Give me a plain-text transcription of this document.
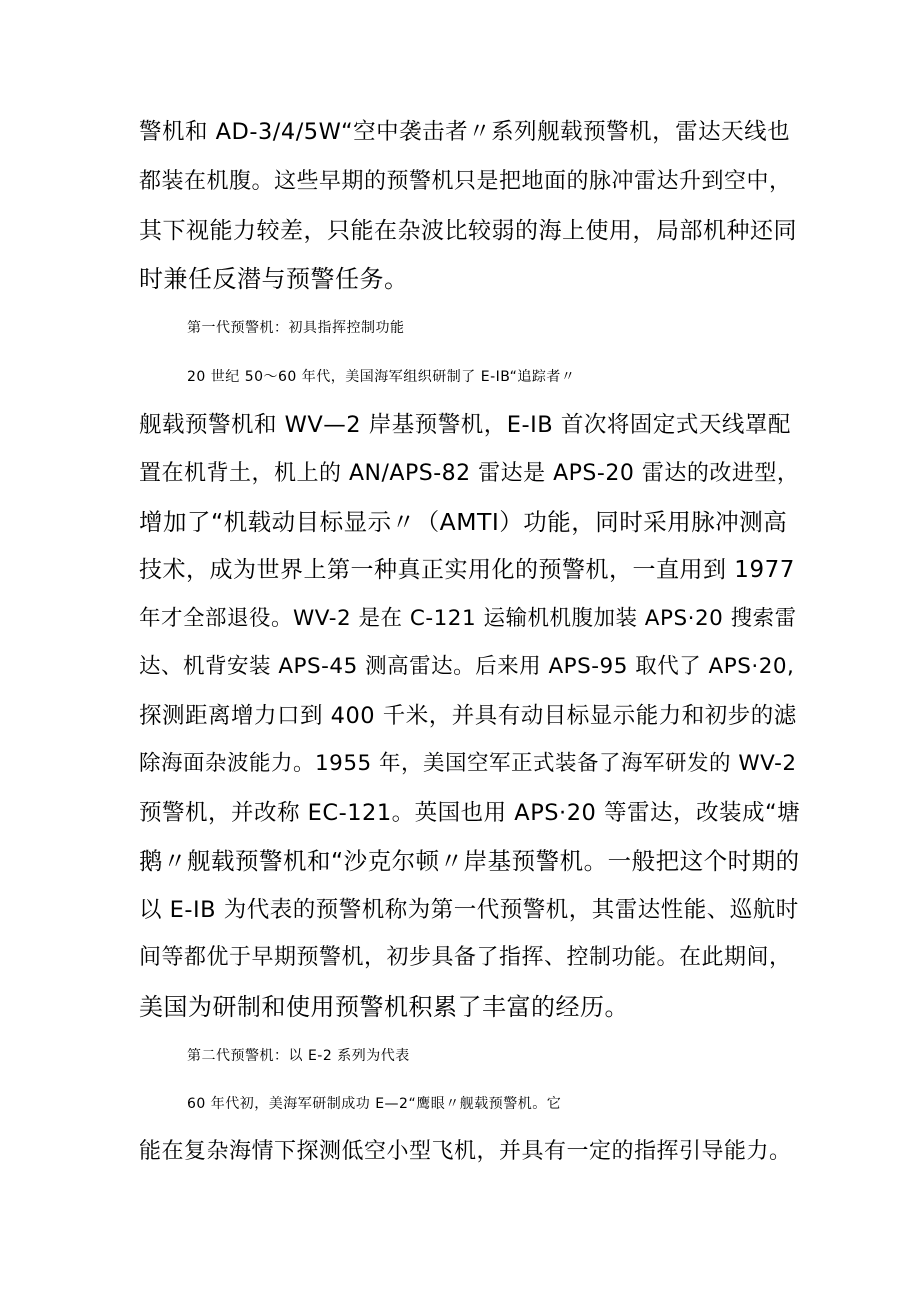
警机和 AD-3/4/5W“空中袭击者〃系列舰载预警机，雷达天线也
都装在机腹。这些早期的预警机只是把地面的脉冲雷达升到空中，
其下视能力较差，只能在杂波比较弱的海上使用，局部机种还同
时兼任反潜与预警任务。
第一代预警机：初具指挥控制功能
20 世纪 50～60 年代，美国海军组织研制了 E-IB“追踪者〃
舰载预警机和 WV—2 岸基预警机，E-IB 首次将固定式天线罩配
置在机背土，机上的 AN/APS-82 雷达是 APS-20 雷达的改进型，
增加了“机载动目标显示〃（AMTI）功能，同时采用脉冲测高
技术，成为世界上第一种真正实用化的预警机，一直用到 1977
年才全部退役。WV-2 是在 C-121 运输机机腹加装 APS·20 搜索雷
达、机背安装 APS-45 测高雷达。后来用 APS-95 取代了 APS·20,
探测距离增力口到 400 千米，并具有动目标显示能力和初步的滤
除海面杂波能力。1955 年，美国空军正式装备了海军研发的 WV-2
预警机，并改称 EC-121。英国也用 APS·20 等雷达，改装成“塘
鹅〃舰载预警机和“沙克尔顿〃岸基预警机。一般把这个时期的
以 E-IB 为代表的预警机称为第一代预警机，其雷达性能、巡航时
间等都优于早期预警机，初步具备了指挥、控制功能。在此期间，
美国为研制和使用预警机积累了丰富的经历。
第二代预警机：以 E-2 系列为代表
60 年代初，美海军研制成功 E—2“鹰眼〃舰载预警机。它
能在复杂海情下探测低空小型飞机，并具有一定的指挥引导能力。
